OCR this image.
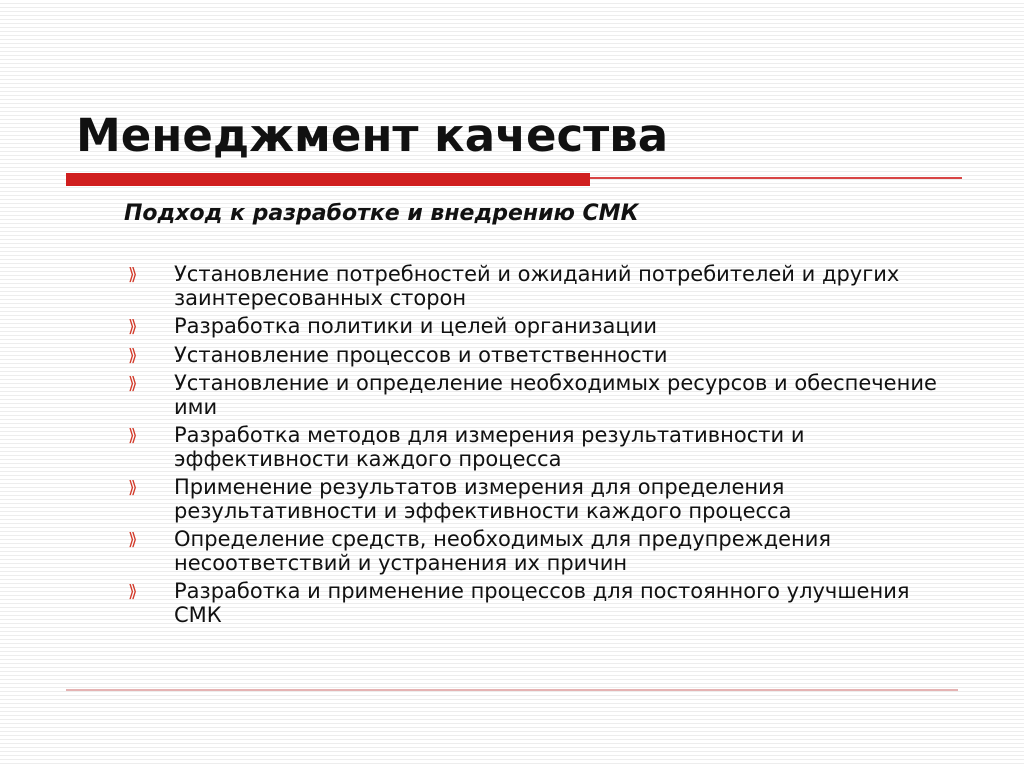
Менеджмент качества
Подход к разработке и внедрению СМК
⟫ Установление потребностей и ожиданий потребителей и других заинтересованных сторон
⟫ Разработка политики и целей организации
⟫ Установление процессов и ответственности
⟫ Установление и определение необходимых ресурсов и обеспечение ими
⟫ Разработка методов для измерения результативности и эффективности каждого процесса
⟫ Применение результатов измерения для определения результативности и эффективности каждого процесса
⟫ Определение средств, необходимых для предупреждения несоответствий и устранения их причин
⟫ Разработка и применение процессов для постоянного улучшения СМК
